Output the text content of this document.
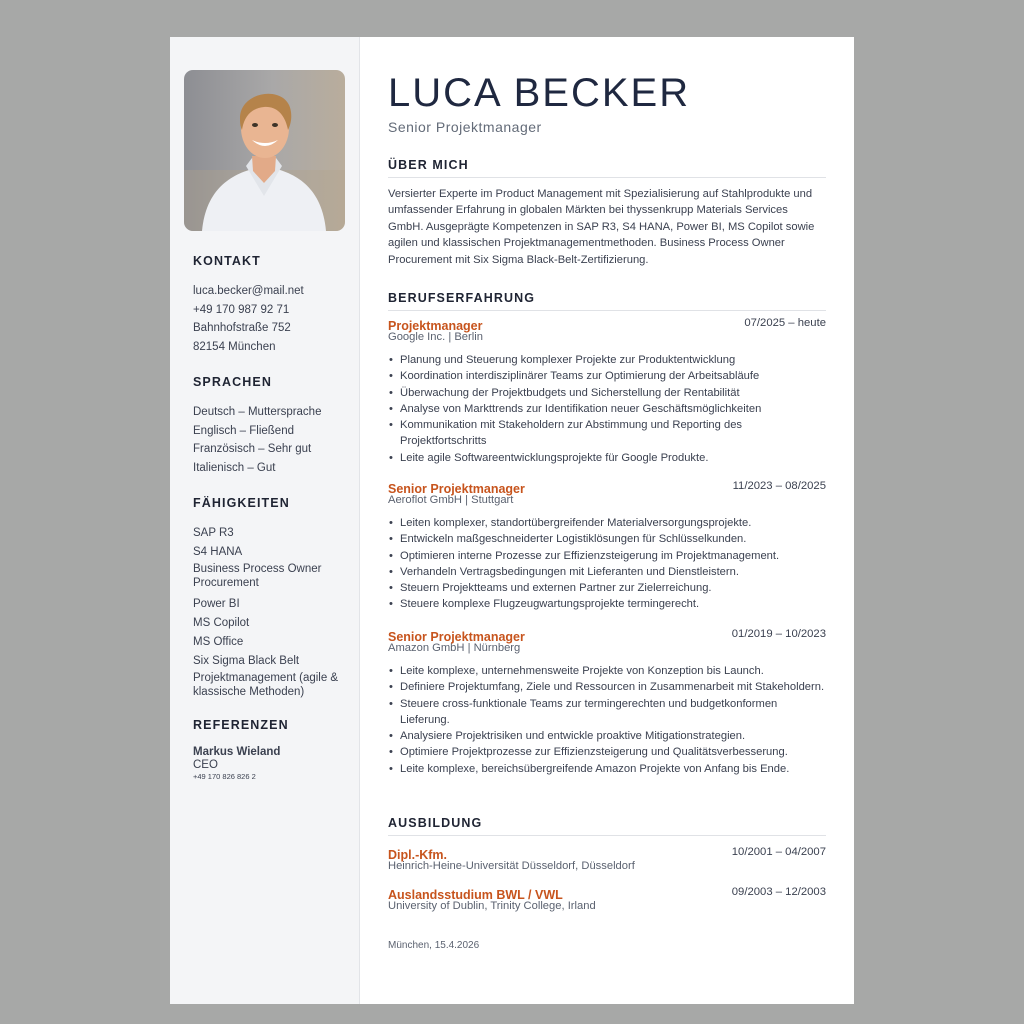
KONTAKT
luca.becker@mail.net
+49 170 987 92 71
Bahnhofstraße 752
82154 München
SPRACHEN
Deutsch – Muttersprache
Englisch – Fließend
Französisch – Sehr gut
Italienisch – Gut
FÄHIGKEITEN
SAP R3
S4 HANA
Business Process Owner Procurement
Power BI
MS Copilot
MS Office
Six Sigma Black Belt
Projektmanagement (agile & klassische Methoden)
REFERENZEN
Markus Wieland
CEO
+49 170 826 826 2
LUCA BECKER
Senior Projektmanager
ÜBER MICH
Versierter Experte im Product Management mit Spezialisierung auf Stahlprodukte und umfassender Erfahrung in globalen Märkten bei thyssenkrupp Materials Services GmbH. Ausgeprägte Kompetenzen in SAP R3, S4 HANA, Power BI, MS Copilot sowie agilen und klassischen Projektmanagementmethoden. Business Process Owner Procurement mit Six Sigma Black-Belt-Zertifizierung.
BERUFSERFAHRUNG
Projektmanager	07/2025 – heute
Google Inc. | Berlin
• Planung und Steuerung komplexer Projekte zur Produktentwicklung
• Koordination interdisziplinärer Teams zur Optimierung der Arbeitsabläufe
• Überwachung der Projektbudgets und Sicherstellung der Rentabilität
• Analyse von Markttrends zur Identifikation neuer Geschäftsmöglichkeiten
• Kommunikation mit Stakeholdern zur Abstimmung und Reporting des Projektfortschritts
• Leite agile Softwareentwicklungsprojekte für Google Produkte.
Senior Projektmanager	11/2023 – 08/2025
Aeroflot GmbH | Stuttgart
• Leiten komplexer, standortübergreifender Materialversorgungsprojekte.
• Entwickeln maßgeschneiderter Logistiklösungen für Schlüsselkunden.
• Optimieren interne Prozesse zur Effizienzsteigerung im Projektmanagement.
• Verhandeln Vertragsbedingungen mit Lieferanten und Dienstleistern.
• Steuern Projektteams und externen Partner zur Zielerreichung.
• Steuere komplexe Flugzeugwartungsprojekte termingerecht.
Senior Projektmanager	01/2019 – 10/2023
Amazon GmbH | Nürnberg
• Leite komplexe, unternehmensweite Projekte von Konzeption bis Launch.
• Definiere Projektumfang, Ziele und Ressourcen in Zusammenarbeit mit Stakeholdern.
• Steuere cross-funktionale Teams zur termingerechten und budgetkonformen Lieferung.
• Analysiere Projektrisiken und entwickle proaktive Mitigationstrategien.
• Optimiere Projektprozesse zur Effizienzsteigerung und Qualitätsverbesserung.
• Leite komplexe, bereichsübergreifende Amazon Projekte von Anfang bis Ende.
AUSBILDUNG
Dipl.-Kfm.	10/2001 – 04/2007
Heinrich-Heine-Universität Düsseldorf, Düsseldorf
Auslandsstudium BWL / VWL	09/2003 – 12/2003
University of Dublin, Trinity College, Irland
München, 15.4.2026
